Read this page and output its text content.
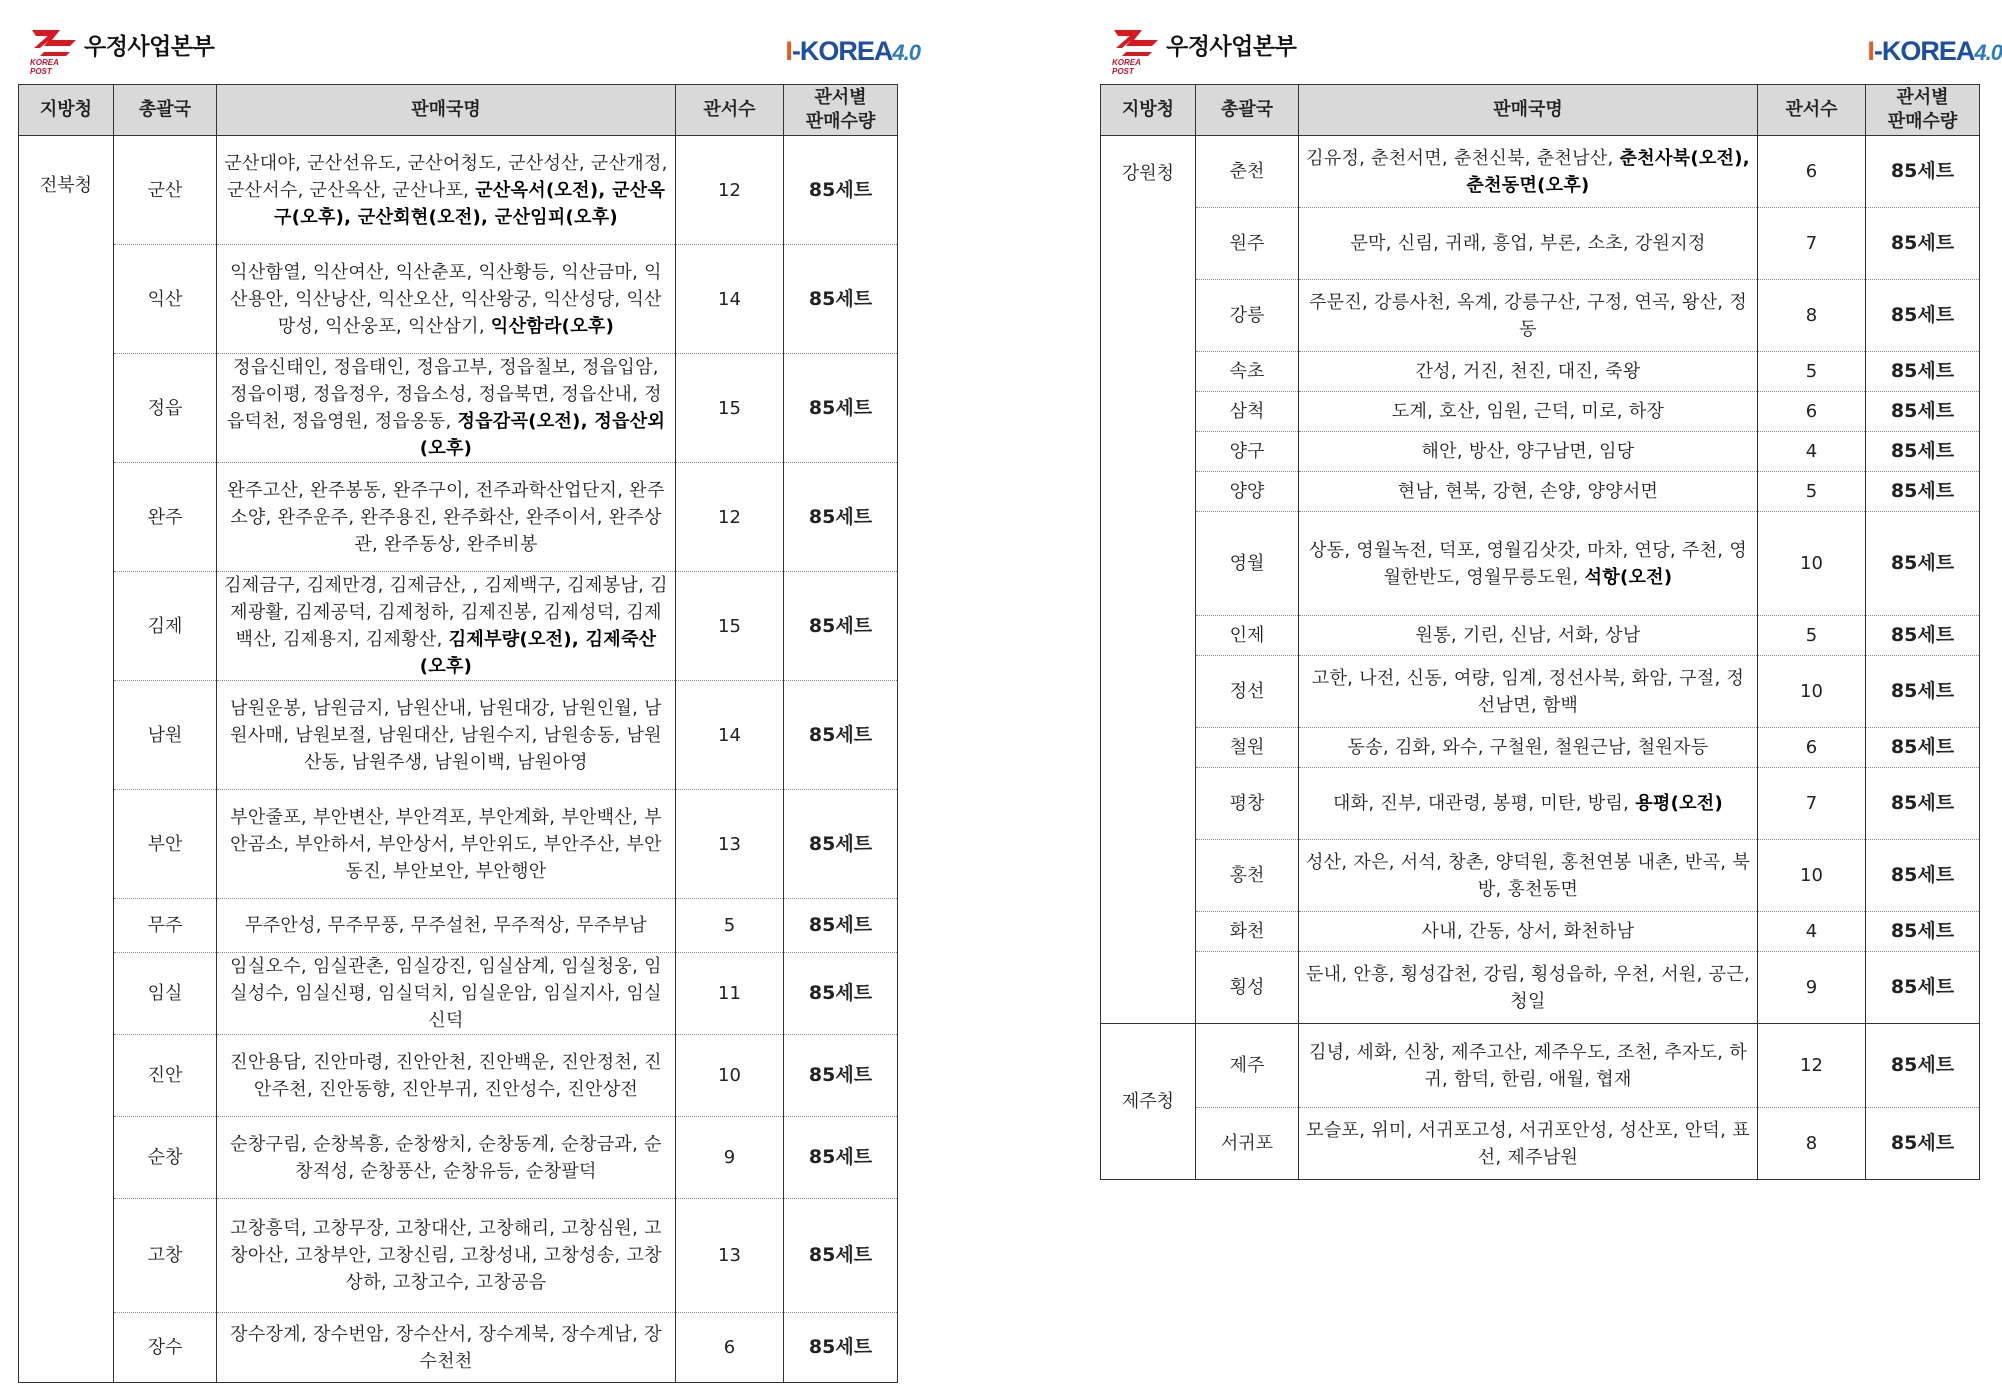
KOREA POST
우정사업본부	I-KOREA4.0
지방청	총괄국	판매국명	관서수	관서별
판매수량
전북청	군산	군산대야, 군산선유도, 군산어청도, 군산성산, 군산개정, 군산서수, 군산옥산, 군산나포, 군산옥서(오전), 군산옥구(오후), 군산회현(오전), 군산임피(오후)	12	85세트
	익산	익산함열, 익산여산, 익산춘포, 익산황등, 익산금마, 익산용안, 익산낭산, 익산오산, 익산왕궁, 익산성당, 익산망성, 익산웅포, 익산삼기, 익산함라(오후)	14	85세트
	정읍	정읍신태인, 정읍태인, 정읍고부, 정읍칠보, 정읍입암, 정읍이평, 정읍정우, 정읍소성, 정읍북면, 정읍산내, 정읍덕천, 정읍영원, 정읍옹동, 정읍감곡(오전), 정읍산외(오후)	15	85세트
	완주	완주고산, 완주봉동, 완주구이, 전주과학산업단지, 완주소양, 완주운주, 완주용진, 완주화산, 완주이서, 완주상관, 완주동상, 완주비봉	12	85세트
	김제	김제금구, 김제만경, 김제금산, , 김제백구, 김제봉남, 김제광활, 김제공덕, 김제청하, 김제진봉, 김제성덕, 김제백산, 김제용지, 김제황산, 김제부량(오전), 김제죽산(오후)	15	85세트
	남원	남원운봉, 남원금지, 남원산내, 남원대강, 남원인월, 남원사매, 남원보절, 남원대산, 남원수지, 남원송동, 남원산동, 남원주생, 남원이백, 남원아영	14	85세트
	부안	부안줄포, 부안변산, 부안격포, 부안계화, 부안백산, 부안곰소, 부안하서, 부안상서, 부안위도, 부안주산, 부안동진, 부안보안, 부안행안	13	85세트
	무주	무주안성, 무주무풍, 무주설천, 무주적상, 무주부남	5	85세트
	임실	임실오수, 임실관촌, 임실강진, 임실삼계, 임실청웅, 임실성수, 임실신평, 임실덕치, 임실운암, 임실지사, 임실신덕	11	85세트
	진안	진안용담, 진안마령, 진안안천, 진안백운, 진안정천, 진안주천, 진안동향, 진안부귀, 진안성수, 진안상전	10	85세트
	순창	순창구림, 순창복흥, 순창쌍치, 순창동계, 순창금과, 순창적성, 순창풍산, 순창유등, 순창팔덕	9	85세트
	고창	고창흥덕, 고창무장, 고창대산, 고창해리, 고창심원, 고창아산, 고창부안, 고창신림, 고창성내, 고창성송, 고창상하, 고창고수, 고창공음	13	85세트
	장수	장수장계, 장수번암, 장수산서, 장수계북, 장수계남, 장수천천	6	85세트
KOREA POST
우정사업본부	I-KOREA4.0
지방청	총괄국	판매국명	관서수	관서별
판매수량
강원청	춘천	김유정, 춘천서면, 춘천신북, 춘천남산, 춘천사북(오전), 춘천동면(오후)	6	85세트
	원주	문막, 신림, 귀래, 흥업, 부론, 소초, 강원지정	7	85세트
	강릉	주문진, 강릉사천, 옥계, 강릉구산, 구정, 연곡, 왕산, 정동	8	85세트
	속초	간성, 거진, 천진, 대진, 죽왕	5	85세트
	삼척	도계, 호산, 임원, 근덕, 미로, 하장	6	85세트
	양구	해안, 방산, 양구남면, 임당	4	85세트
	양양	현남, 현북, 강현, 손양, 양양서면	5	85세트
	영월	상동, 영월녹전, 덕포, 영월김삿갓, 마차, 연당, 주천, 영월한반도, 영월무릉도원, 석항(오전)	10	85세트
	인제	원통, 기린, 신남, 서화, 상남	5	85세트
	정선	고한, 나전, 신동, 여량, 임계, 정선사북, 화암, 구절, 정선남면, 함백	10	85세트
	철원	동송, 김화, 와수, 구철원, 철원근남, 철원자등	6	85세트
	평창	대화, 진부, 대관령, 봉평, 미탄, 방림, 용평(오전)	7	85세트
	홍천	성산, 자은, 서석, 창촌, 양덕원, 홍천연봉 내촌, 반곡, 북방, 홍천동면	10	85세트
	화천	사내, 간동, 상서, 화천하남	4	85세트
	횡성	둔내, 안흥, 횡성갑천, 강림, 횡성읍하, 우천, 서원, 공근, 청일	9	85세트
제주청	제주	김녕, 세화, 신창, 제주고산, 제주우도, 조천, 추자도, 하귀, 함덕, 한림, 애월, 협재	12	85세트
	서귀포	모슬포, 위미, 서귀포고성, 서귀포안성, 성산포, 안덕, 표선, 제주남원	8	85세트
